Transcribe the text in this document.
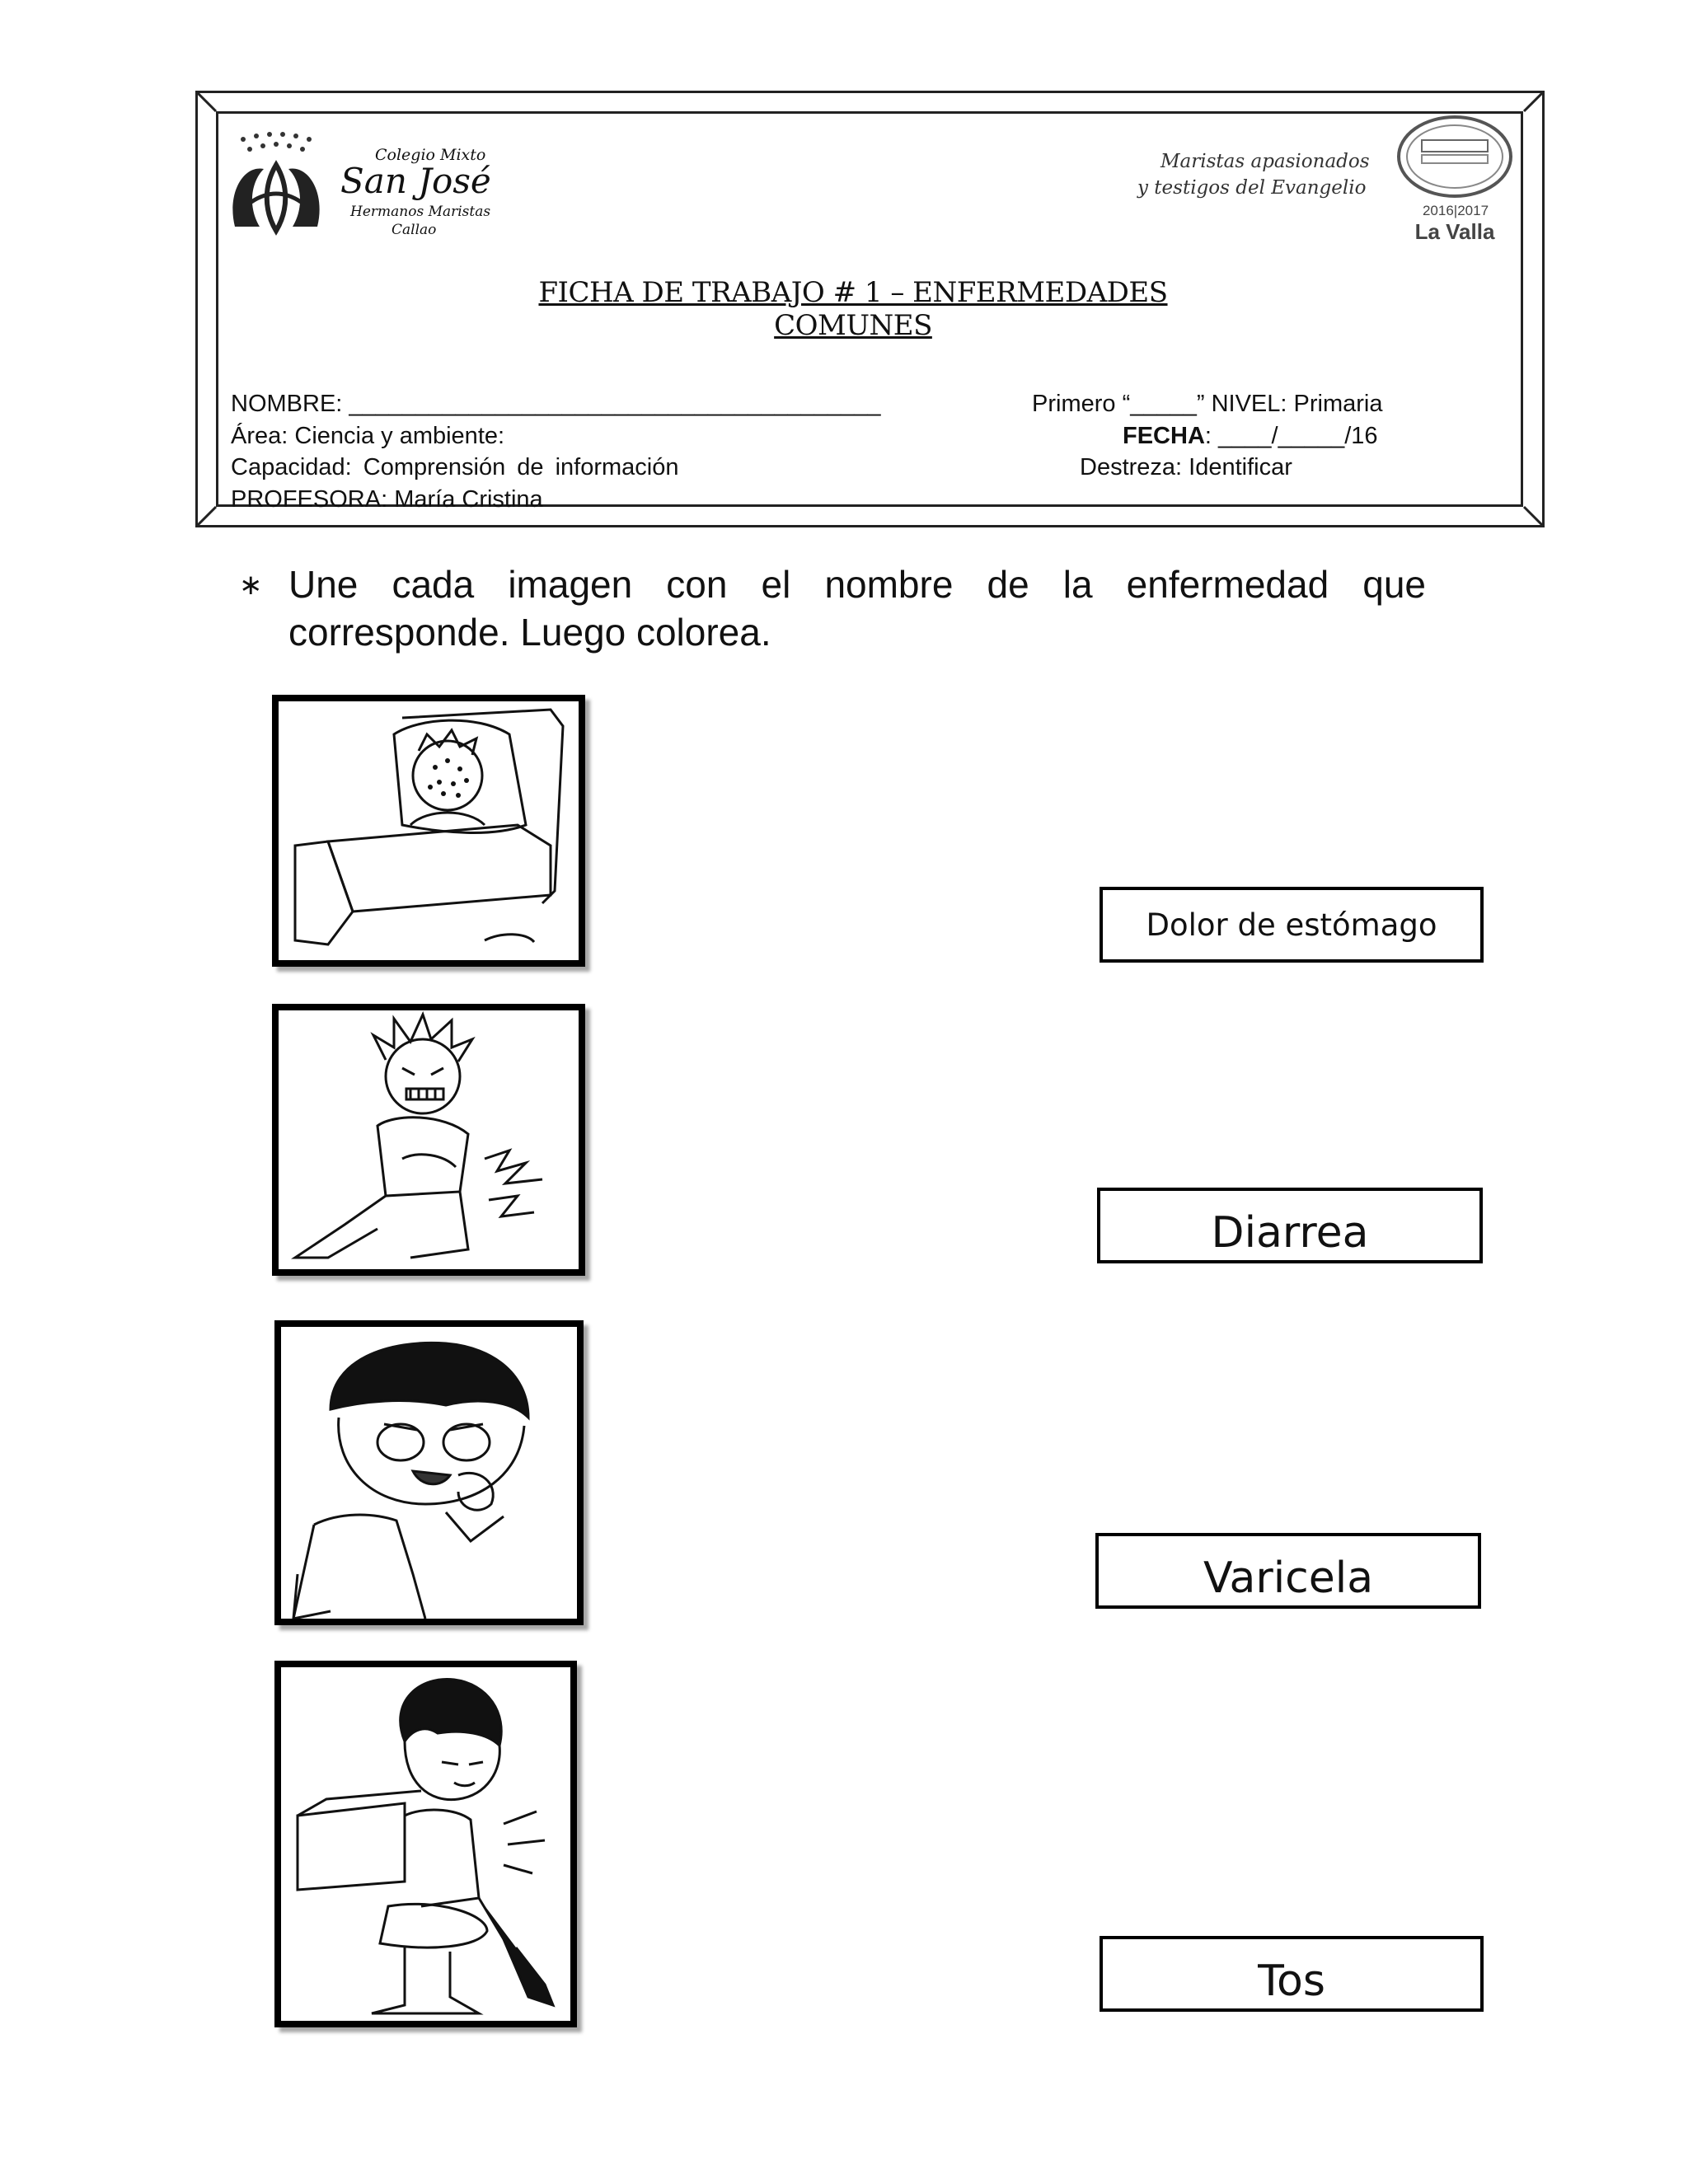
Colegio Mixto
San José
Hermanos Maristas
Callao
Maristas apasionados
y testigos del Evangelio
2016|2017
La Valla
FICHA DE TRABAJO # 1 – ENFERMEDADES COMUNES
NOMBRE: ________________________________________	Primero “_____” NIVEL: Primaria
Área: Ciencia y ambiente:	FECHA: ____/_____/16
Capacidad: Comprensión de información	Destreza: Identificar
PROFESORA: María Cristina
∗ Une cada imagen con el nombre de la enfermedad que corresponde. Luego colorea.
Dolor de estómago
Diarrea
Varicela
Tos
